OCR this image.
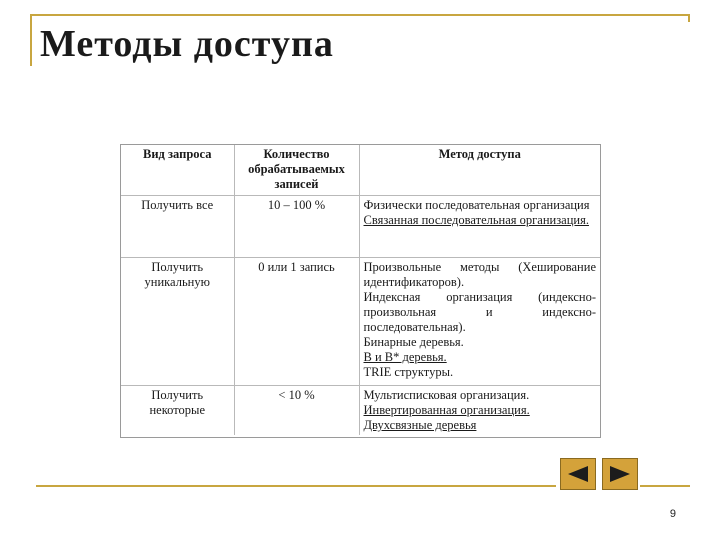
Методы доступа
Вид запроса	Количество обрабатываемых записей	Метод доступа
Получить все	10 – 100 %	Физически последовательная организация
Связанная последовательная организация.

Получить уникальную	0 или 1 запись	Произвольные методы (Хеширование идентификаторов).
Индексная организация (индексно-произвольная и индексно-последовательная).
Бинарные деревья.
B и B* деревья.
TRIE структуры.

Получить некоторые	< 10 %	Мультисписковая организация.
Инвертированная организация.
Двухсвязные деревья
9
